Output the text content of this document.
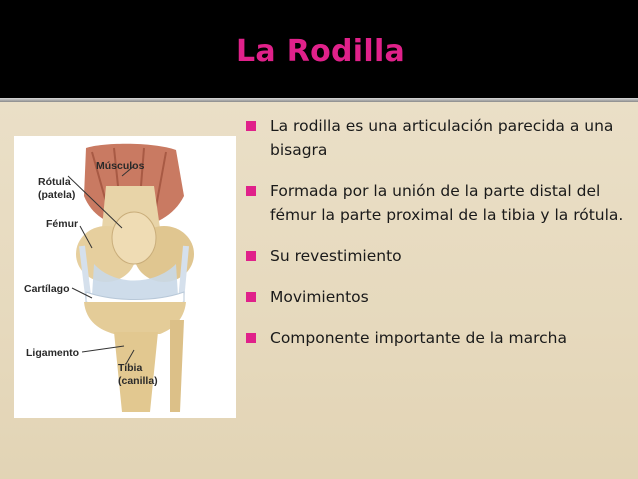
La Rodilla
Músculos
Rótula
(patela)
Fémur
Cartílago
Ligamento
Tibia
(canilla)
La rodilla es una articulación parecida a una bisagra
Formada por la unión de la parte distal del fémur la parte proximal de la tibia y la rótula.
Su revestimiento
Movimientos
Componente importante de la marcha
